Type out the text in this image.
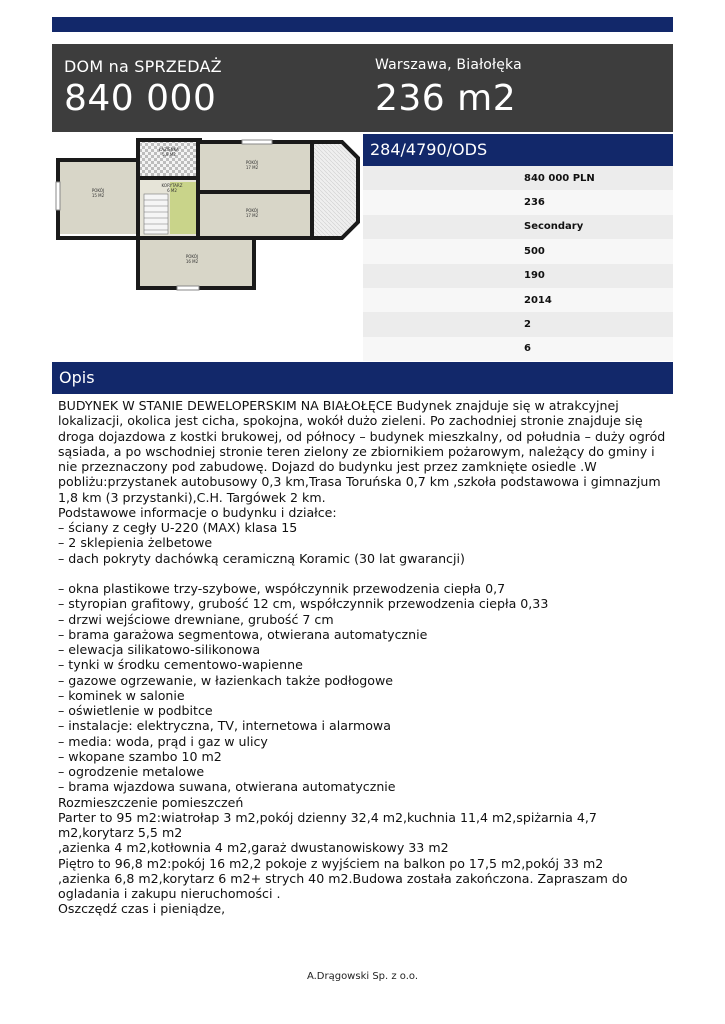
DOM na SPRZEDAŻ
840 000
Warszawa, Białołęka
236 m2
ŁAZIENKA
5,8 M2
POKÓJ
17 M2
POKÓJ
15 M2
KORYTARZ
6 M2
POKÓJ
17 M2
POKÓJ
16 M2
284/4790/ODS
840 000 PLN
236
Secondary
500
190
2014
2
6
Opis
BUDYNEK W STANIE DEWELOPERSKIM NA BIAŁOŁĘCE Budynek znajduje się w atrakcyjnej lokalizacji, okolica jest cicha, spokojna, wokół dużo zieleni. Po zachodniej stronie znajduje się droga dojazdowa z kostki brukowej, od północy – budynek mieszkalny, od południa – duży ogród sąsiada, a po wschodniej stronie teren zielony ze zbiornikiem pożarowym, należący do gminy i nie przeznaczony pod zabudowę. Dojazd do budynku jest przez zamknięte osiedle .W pobliżu:przystanek autobusowy 0,3 km,Trasa Toruńska 0,7 km ,szkoła podstawowa i gimnazjum 1,8 km (3 przystanki),C.H. Targówek 2 km.
Podstawowe informacje o budynku i działce:
– ściany z cegły U-220 (MAX) klasa 15
– 2 sklepienia żelbetowe
– dach pokryty dachówką ceramiczną Koramic (30 lat gwarancji)

– okna plastikowe trzy-szybowe, współczynnik przewodzenia ciepła 0,7
– styropian grafitowy, grubość 12 cm, współczynnik przewodzenia ciepła 0,33
– drzwi wejściowe drewniane, grubość 7 cm
– brama garażowa segmentowa, otwierana automatycznie
– elewacja silikatowo-silikonowa
– tynki w środku cementowo-wapienne
– gazowe ogrzewanie, w łazienkach także podłogowe
– kominek w salonie
– oświetlenie w podbitce
– instalacje: elektryczna, TV, internetowa i alarmowa
– media: woda, prąd i gaz w ulicy
– wkopane szambo 10 m2
– ogrodzenie metalowe
– brama wjazdowa suwana, otwierana automatycznie
Rozmieszczenie pomieszczeń
Parter to 95 m2:wiatrołap 3 m2,pokój dzienny 32,4 m2,kuchnia 11,4 m2,spiżarnia 4,7 m2,korytarz 5,5 m2
,azienka 4 m2,kotłownia 4 m2,garaż dwustanowiskowy 33 m2
Piętro to 96,8 m2:pokój 16 m2,2 pokoje z wyjściem na balkon po 17,5 m2,pokój 33 m2
,azienka 6,8 m2,korytarz 6 m2+ strych 40 m2.Budowa została zakończona. Zapraszam do ogladania i zakupu nieruchomości .
Oszczędź czas i pieniądze,
A.Drągowski Sp. z o.o.
